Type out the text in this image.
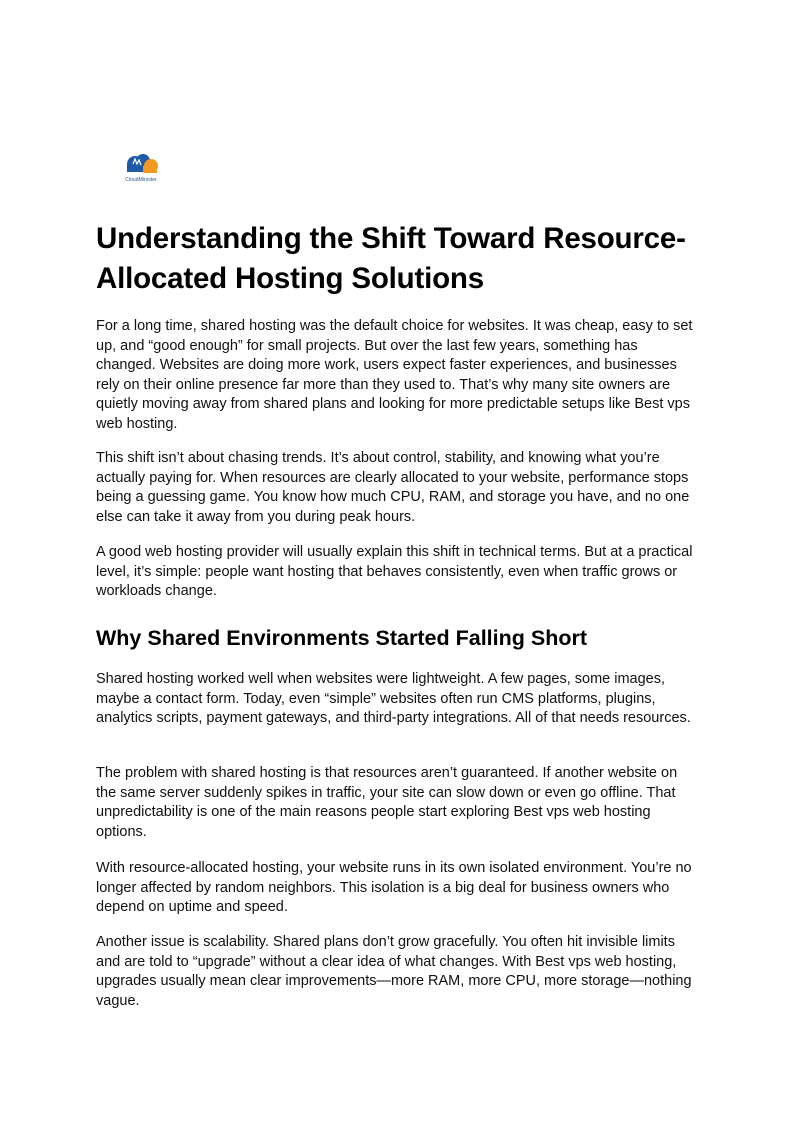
CloudMinister
Understanding the Shift Toward Resource-Allocated Hosting Solutions

For a long time, shared hosting was the default choice for websites. It was cheap, easy to set up, and “good enough” for small projects. But over the last few years, something has changed. Websites are doing more work, users expect faster experiences, and businesses rely on their online presence far more than they used to. That’s why many site owners are quietly moving away from shared plans and looking for more predictable setups like Best vps web hosting.

This shift isn’t about chasing trends. It’s about control, stability, and knowing what you’re actually paying for. When resources are clearly allocated to your website, performance stops being a guessing game. You know how much CPU, RAM, and storage you have, and no one else can take it away from you during peak hours.

A good web hosting provider will usually explain this shift in technical terms. But at a practical level, it’s simple: people want hosting that behaves consistently, even when traffic grows or workloads change.

Why Shared Environments Started Falling Short

Shared hosting worked well when websites were lightweight. A few pages, some images, maybe a contact form. Today, even “simple” websites often run CMS platforms, plugins, analytics scripts, payment gateways, and third-party integrations. All of that needs resources.

The problem with shared hosting is that resources aren’t guaranteed. If another website on the same server suddenly spikes in traffic, your site can slow down or even go offline. That unpredictability is one of the main reasons people start exploring Best vps web hosting options.

With resource-allocated hosting, your website runs in its own isolated environment. You’re no longer affected by random neighbors. This isolation is a big deal for business owners who depend on uptime and speed.

Another issue is scalability. Shared plans don’t grow gracefully. You often hit invisible limits and are told to “upgrade” without a clear idea of what changes. With Best vps web hosting, upgrades usually mean clear improvements—more RAM, more CPU, more storage—nothing vague.
